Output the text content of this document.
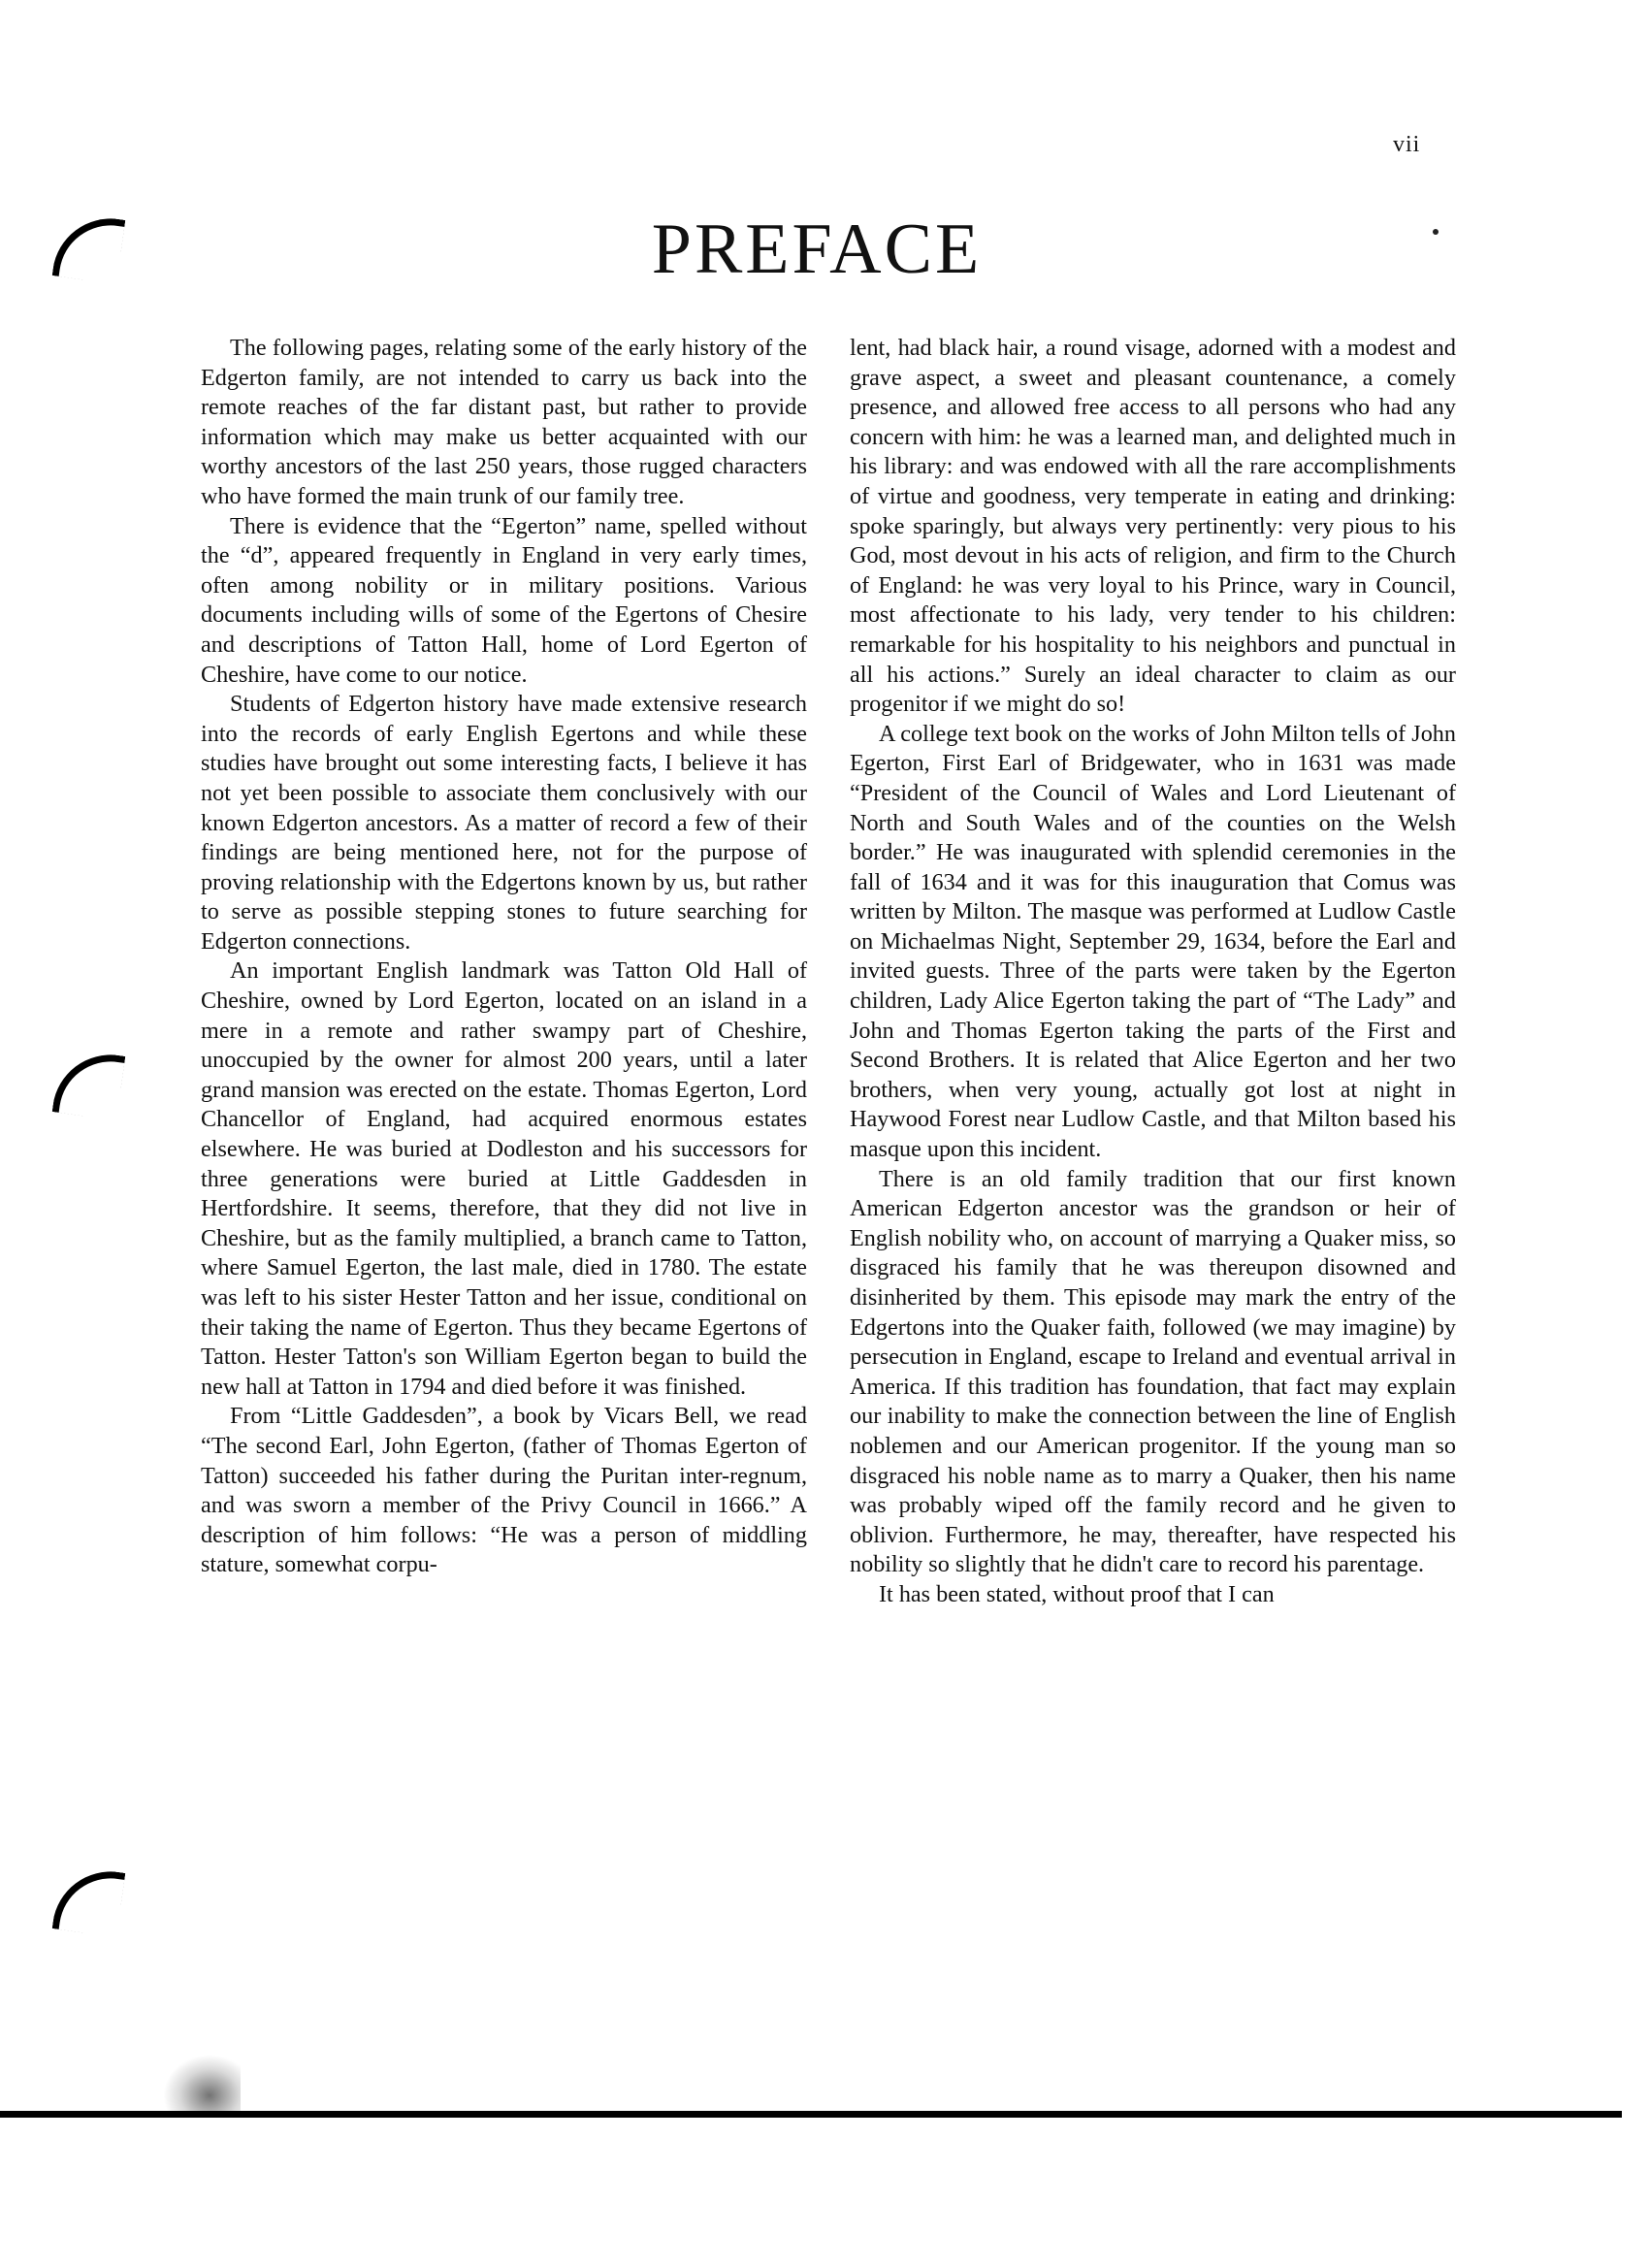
vii
PREFACE

The following pages, relating some of the early history of the Edgerton family, are not intended to carry us back into the remote reaches of the far distant past, but rather to provide information which may make us better acquainted with our worthy ancestors of the last 250 years, those rugged characters who have formed the main trunk of our family tree.

There is evidence that the “Egerton” name, spelled without the “d”, appeared frequently in England in very early times, often among nobility or in military positions. Various documents including wills of some of the Egertons of Chesire and descriptions of Tatton Hall, home of Lord Egerton of Cheshire, have come to our notice.

Students of Edgerton history have made extensive research into the records of early English Egertons and while these studies have brought out some interesting facts, I believe it has not yet been possible to associate them conclusively with our known Edgerton ancestors. As a matter of record a few of their findings are being mentioned here, not for the purpose of proving relationship with the Edgertons known by us, but rather to serve as possible stepping stones to future searching for Edgerton connections.

An important English landmark was Tatton Old Hall of Cheshire, owned by Lord Egerton, located on an island in a mere in a remote and rather swampy part of Cheshire, unoccupied by the owner for almost 200 years, until a later grand mansion was erected on the estate. Thomas Egerton, Lord Chancellor of England, had acquired enormous estates elsewhere. He was buried at Dodleston and his successors for three generations were buried at Little Gaddesden in Hertfordshire. It seems, therefore, that they did not live in Cheshire, but as the family multiplied, a branch came to Tatton, where Samuel Egerton, the last male, died in 1780. The estate was left to his sister Hester Tatton and her issue, conditional on their taking the name of Egerton. Thus they became Egertons of Tatton. Hester Tatton's son William Egerton began to build the new hall at Tatton in 1794 and died before it was finished.

From “Little Gaddesden”, a book by Vicars Bell, we read “The second Earl, John Egerton, (father of Thomas Egerton of Tatton) succeeded his father during the Puritan inter-regnum, and was sworn a member of the Privy Council in 1666.” A description of him follows: “He was a person of middling stature, somewhat corpu-

lent, had black hair, a round visage, adorned with a modest and grave aspect, a sweet and pleasant countenance, a comely presence, and allowed free access to all persons who had any concern with him: he was a learned man, and delighted much in his library: and was endowed with all the rare accomplishments of virtue and goodness, very temperate in eating and drinking: spoke sparingly, but always very pertinently: very pious to his God, most devout in his acts of religion, and firm to the Church of England: he was very loyal to his Prince, wary in Council, most affectionate to his lady, very tender to his children: remarkable for his hospitality to his neighbors and punctual in all his actions.” Surely an ideal character to claim as our progenitor if we might do so!

A college text book on the works of John Milton tells of John Egerton, First Earl of Bridgewater, who in 1631 was made “President of the Council of Wales and Lord Lieutenant of North and South Wales and of the counties on the Welsh border.” He was inaugurated with splendid ceremonies in the fall of 1634 and it was for this inauguration that Comus was written by Milton. The masque was performed at Ludlow Castle on Michaelmas Night, September 29, 1634, before the Earl and invited guests. Three of the parts were taken by the Egerton children, Lady Alice Egerton taking the part of “The Lady” and John and Thomas Egerton taking the parts of the First and Second Brothers. It is related that Alice Egerton and her two brothers, when very young, actually got lost at night in Haywood Forest near Ludlow Castle, and that Milton based his masque upon this incident.

There is an old family tradition that our first known American Edgerton ancestor was the grandson or heir of English nobility who, on account of marrying a Quaker miss, so disgraced his family that he was thereupon disowned and disinherited by them. This episode may mark the entry of the Edgertons into the Quaker faith, followed (we may imagine) by persecution in England, escape to Ireland and eventual arrival in America. If this tradition has foundation, that fact may explain our inability to make the connection between the line of English noblemen and our American progenitor. If the young man so disgraced his noble name as to marry a Quaker, then his name was probably wiped off the family record and he given to oblivion. Furthermore, he may, thereafter, have respected his nobility so slightly that he didn't care to record his parentage.

It has been stated, without proof that I can
